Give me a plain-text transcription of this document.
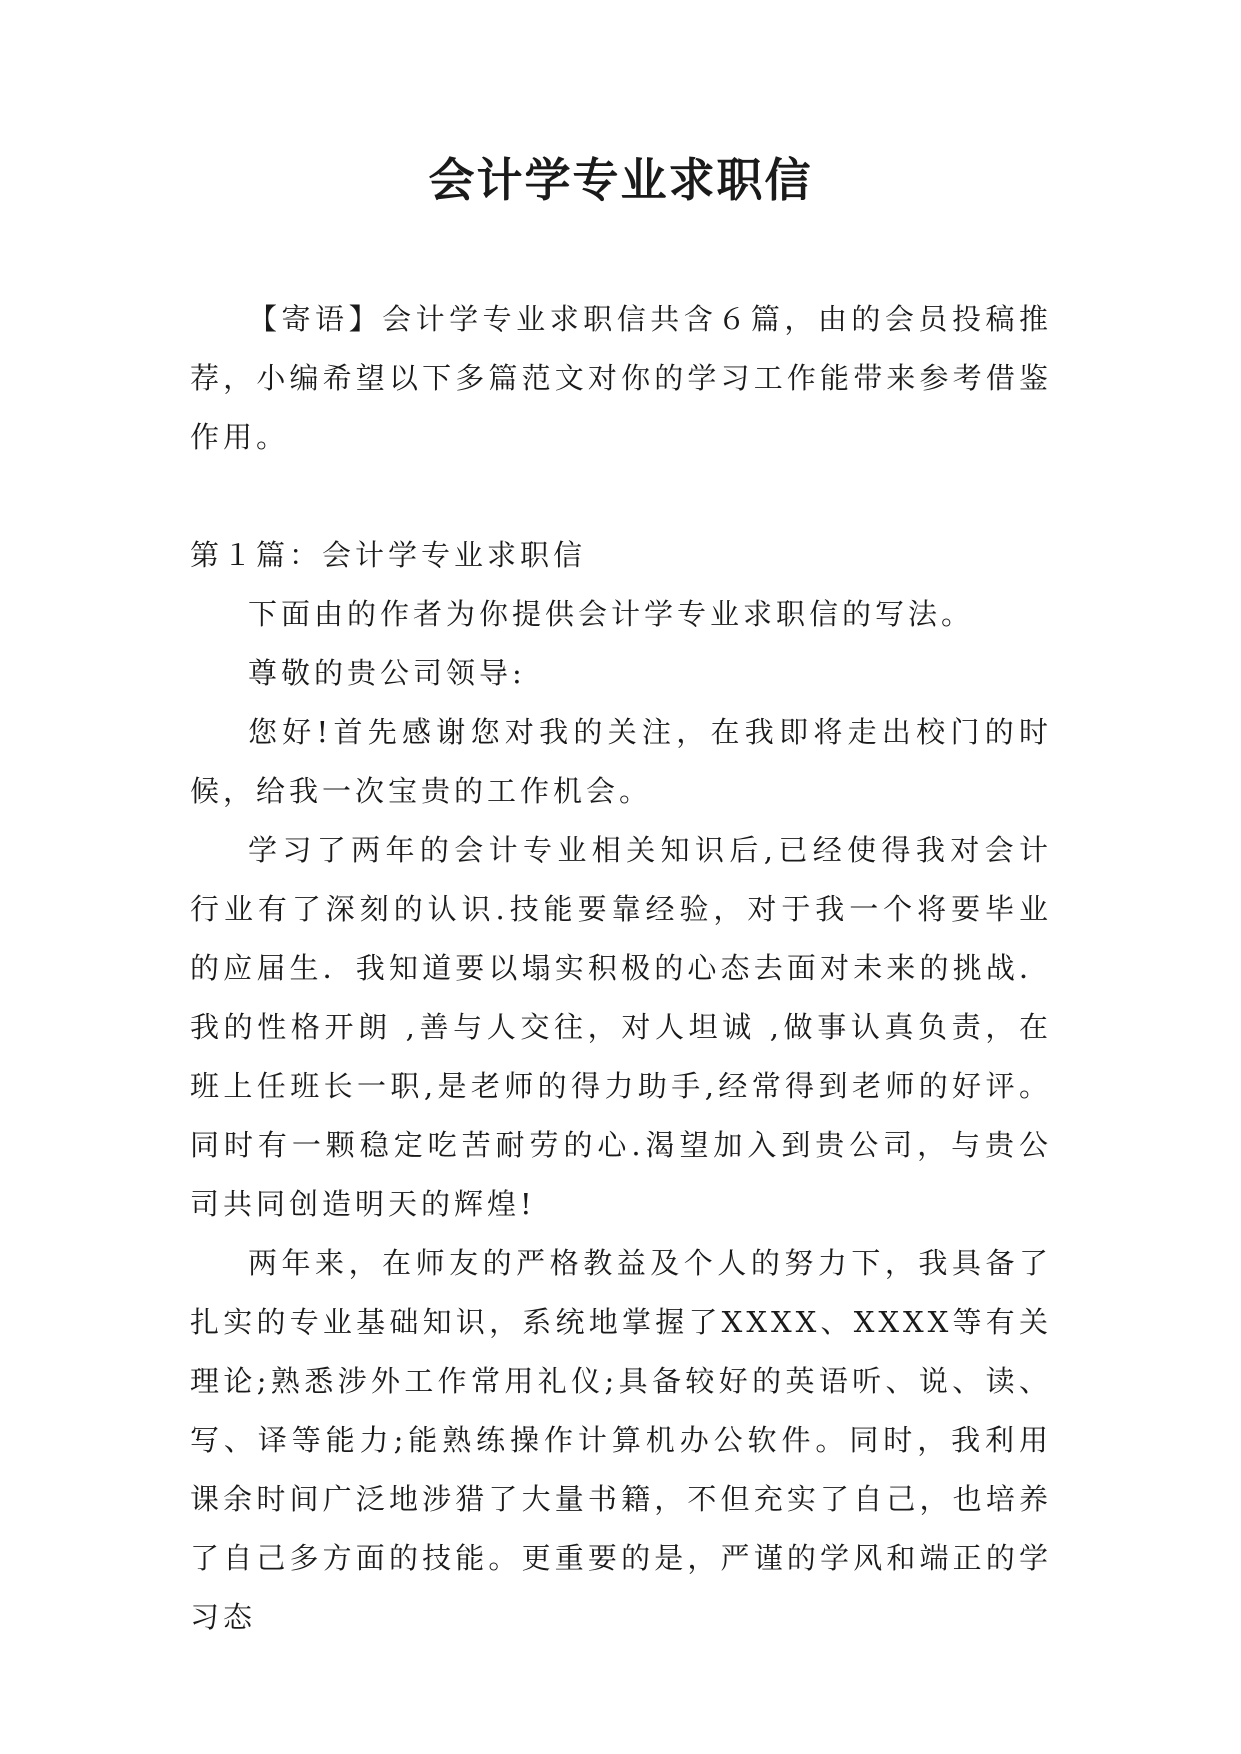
会计学专业求职信

【寄语】会计学专业求职信共含６篇，由的会员投稿推荐，小编希望以下多篇范文对你的学习工作能带来参考借鉴作用。

第１篇：会计学专业求职信

下面由的作者为你提供会计学专业求职信的写法。

尊敬的贵公司领导:

您好!首先感谢您对我的关注，在我即将走出校门的时候，给我一次宝贵的工作机会。

学习了两年的会计专业相关知识后,已经使得我对会计行业有了深刻的认识.技能要靠经验，对于我一个将要毕业的应届生．我知道要以塌实积极的心态去面对未来的挑战．我的性格开朗 ,善与人交往，对人坦诚 ,做事认真负责，在班上任班长一职,是老师的得力助手,经常得到老师的好评。同时有一颗稳定吃苦耐劳的心.渴望加入到贵公司，与贵公司共同创造明天的辉煌!

两年来，在师友的严格教益及个人的努力下，我具备了扎实的专业基础知识，系统地掌握了XXXX、XXXX等有关理论;熟悉涉外工作常用礼仪;具备较好的英语听、说、读、写、译等能力;能熟练操作计算机办公软件。同时，我利用课余时间广泛地涉猎了大量书籍，不但充实了自己，也培养了自己多方面的技能。更重要的是，严谨的学风和端正的学习态
